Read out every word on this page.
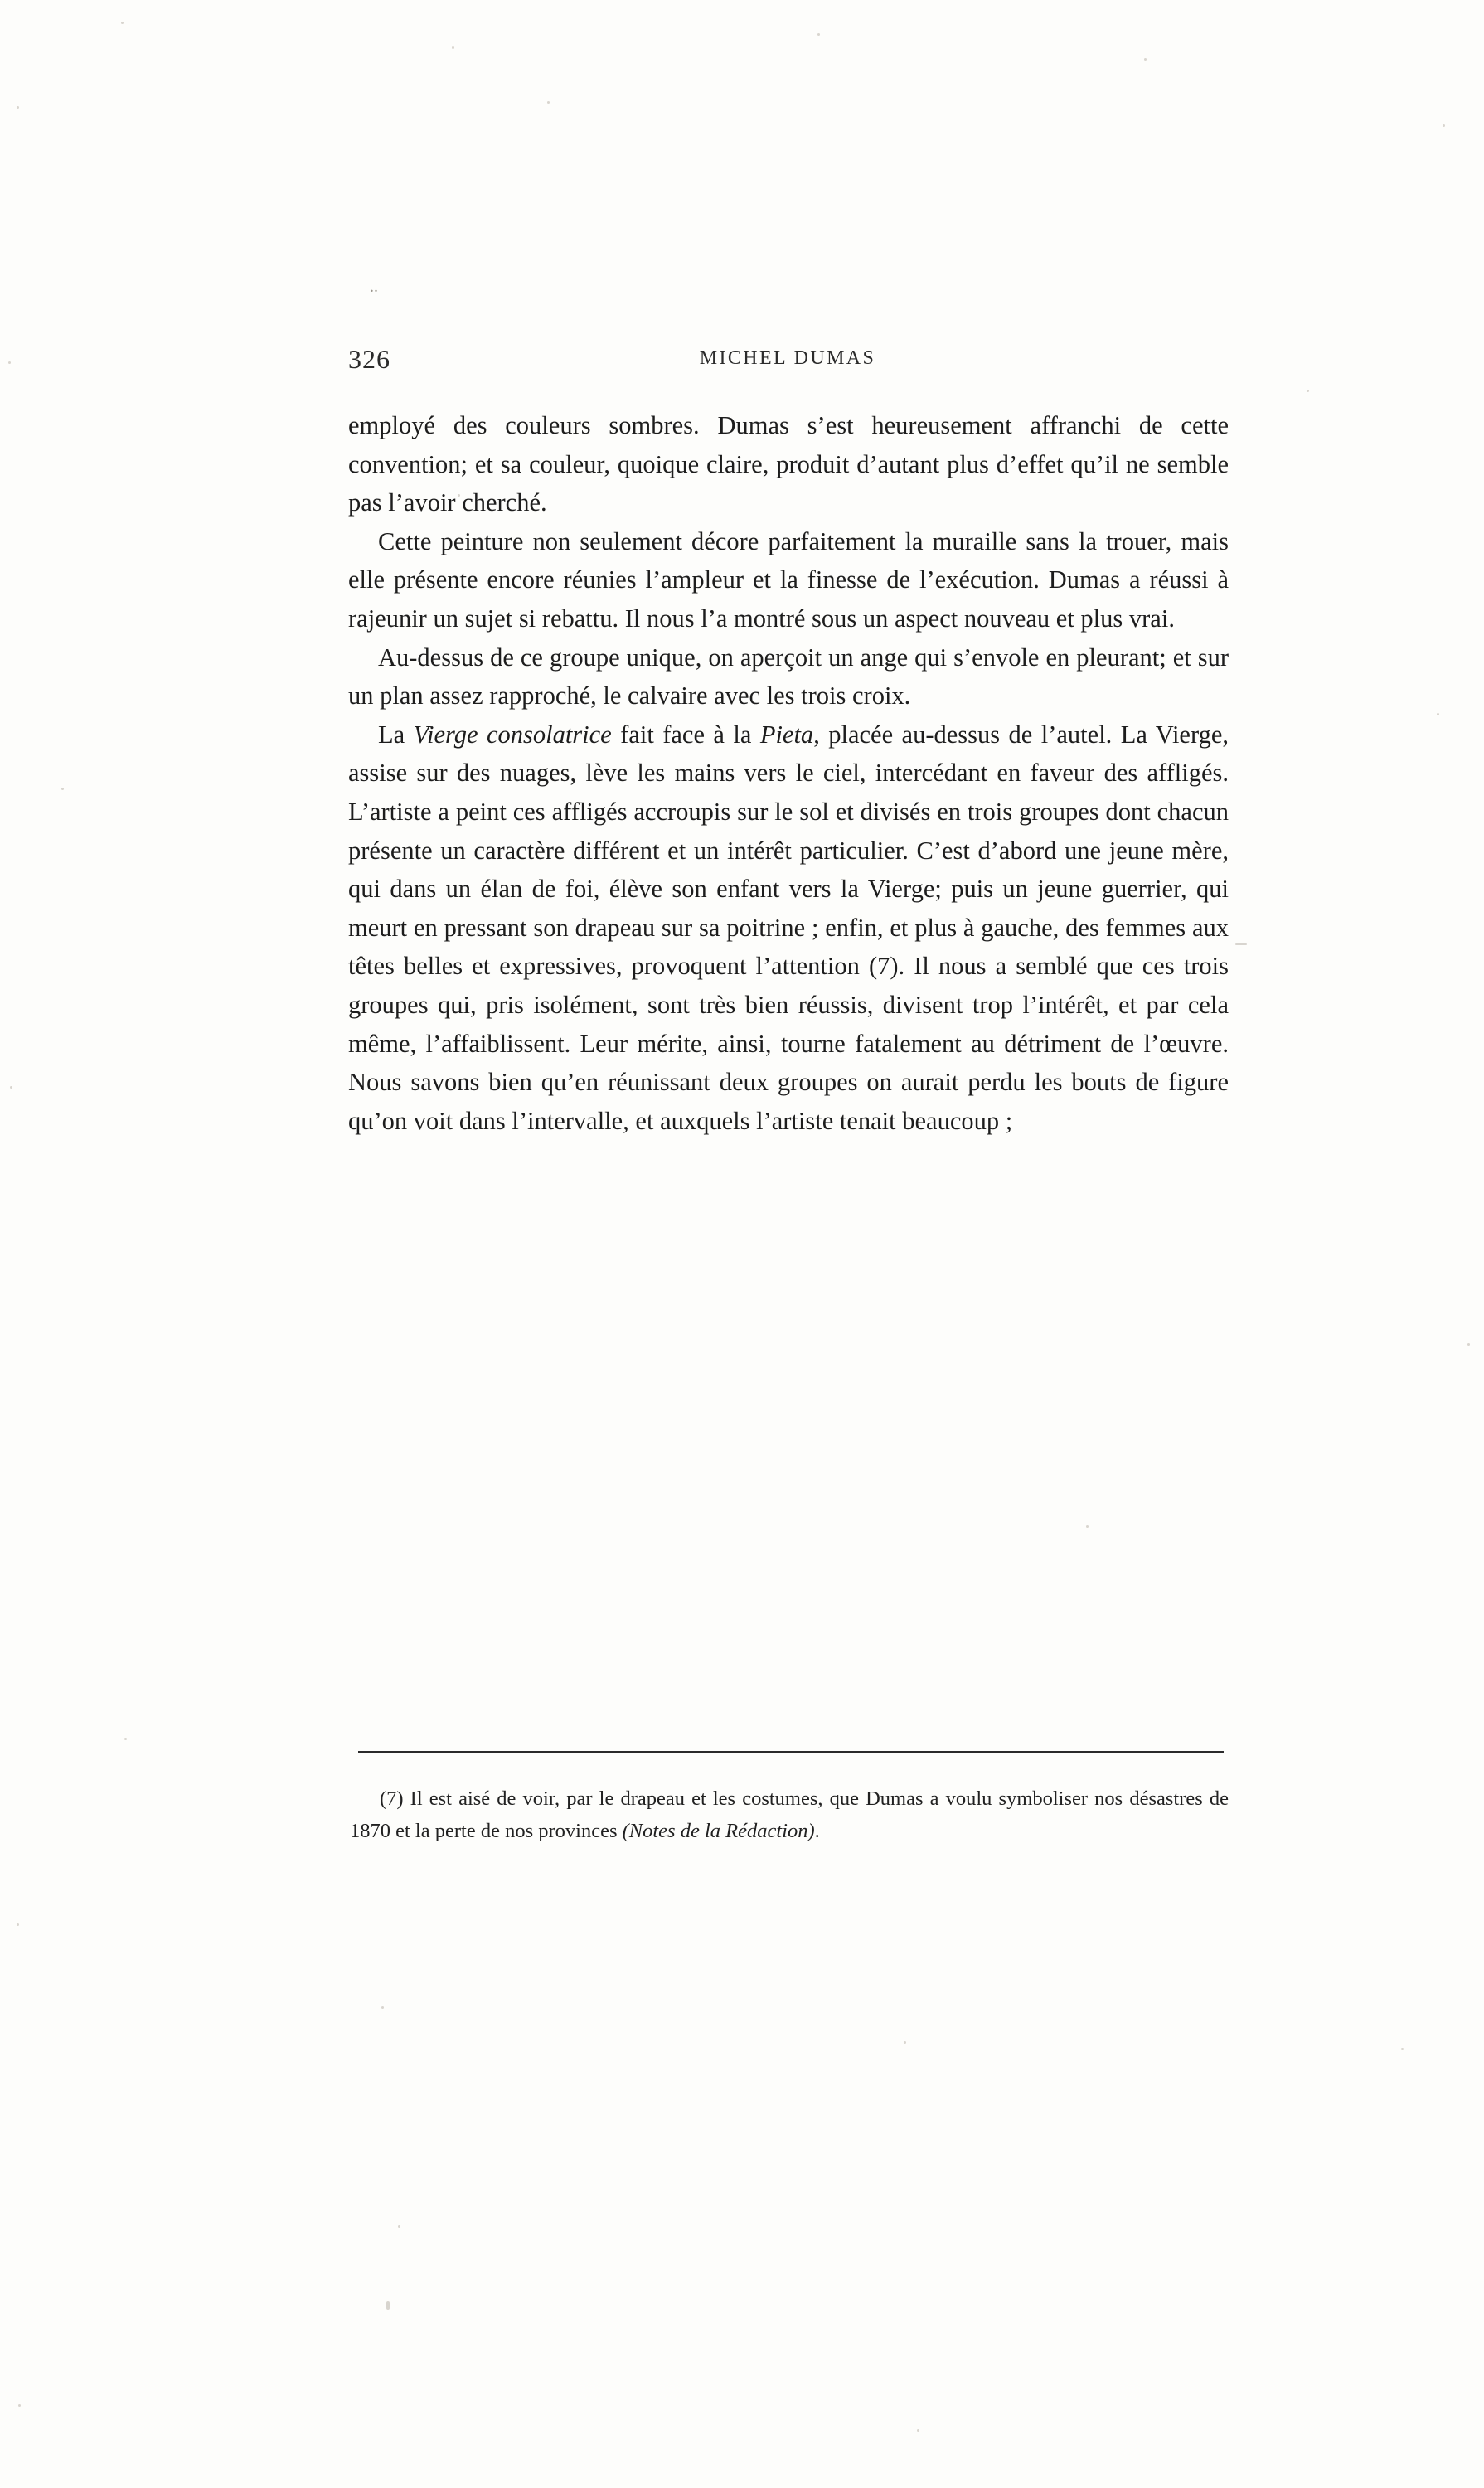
..
326	MICHEL DUMAS

employé des couleurs sombres. Dumas s’est heureusement affranchi de cette convention; et sa couleur, quoique claire, produit d’autant plus d’effet qu’il ne semble pas l’avoir cherché.

Cette peinture non seulement décore parfaitement la muraille sans la trouer, mais elle présente encore réunies l’ampleur et la finesse de l’exécution. Dumas a réussi à rajeunir un sujet si rebattu. Il nous l’a montré sous un aspect nouveau et plus vrai.

Au-dessus de ce groupe unique, on aperçoit un ange qui s’envole en pleurant; et sur un plan assez rapproché, le calvaire avec les trois croix.

La Vierge consolatrice fait face à la Pieta, placée au-dessus de l’autel. La Vierge, assise sur des nuages, lève les mains vers le ciel, intercédant en faveur des affligés. L’artiste a peint ces affligés accroupis sur le sol et divisés en trois groupes dont chacun présente un caractère différent et un intérêt particulier. C’est d’abord une jeune mère, qui dans un élan de foi, élève son enfant vers la Vierge; puis un jeune guerrier, qui meurt en pressant son drapeau sur sa poitrine ; enfin, et plus à gauche, des femmes aux têtes belles et expressives, provoquent l’attention (7). Il nous a semblé que ces trois groupes qui, pris isolément, sont très bien réussis, divisent trop l’intérêt, et par cela même, l’affaiblissent. Leur mérite, ainsi, tourne fatalement au détriment de l’œuvre. Nous savons bien qu’en réunissant deux groupes on aurait perdu les bouts de figure qu’on voit dans l’intervalle, et auxquels l’artiste tenait beaucoup ;

(7) Il est aisé de voir, par le drapeau et les costumes, que Dumas a voulu symboliser nos désastres de 1870 et la perte de nos provinces (Notes de la Rédaction).
